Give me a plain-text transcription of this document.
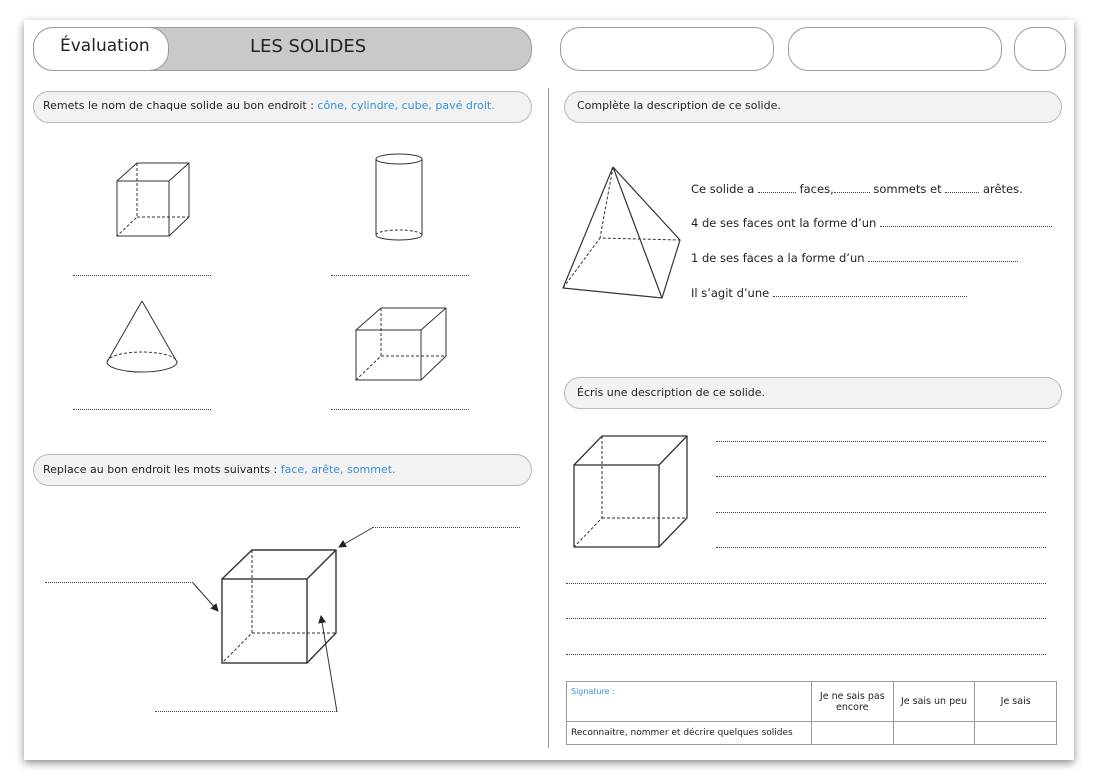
Évaluation	LES SOLIDES
Remets le nom de chaque solide au bon endroit : cône, cylindre, cube, pavé droit.
Replace au bon endroit les mots suivants : face, arête, sommet.
Complète la description de ce solide.
Ce solide a	faces,	sommets et	arêtes.
4 de ses faces ont la forme d’un
1 de ses faces a la forme d’un
Il s’agit d’une
Écris une description de ce solide.
Signature :	Je ne sais pas encore	Je sais un peu	Je sais
Reconnaitre, nommer et décrire quelques solides			
